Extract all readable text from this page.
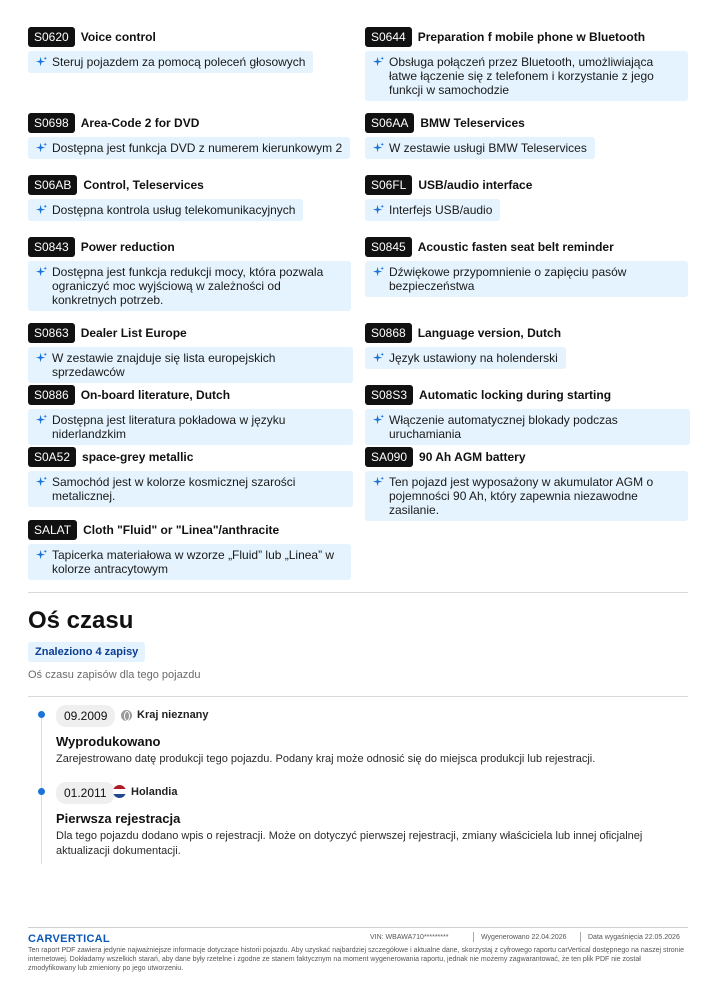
S0620	Voice control
Steruj pojazdem za pomocą poleceń głosowych
S0644	Preparation f mobile phone w Bluetooth
Obsługa połączeń przez Bluetooth, umożliwiająca łatwe łączenie się z telefonem i korzystanie z jego funkcji w samochodzie
S0698	Area-Code 2 for DVD
Dostępna jest funkcja DVD z numerem kierunkowym 2
S06AA	BMW Teleservices
W zestawie usługi BMW Teleservices
S06AB	Control, Teleservices
Dostępna kontrola usług telekomunikacyjnych
S06FL	USB/audio interface
Interfejs USB/audio
S0843	Power reduction
Dostępna jest funkcja redukcji mocy, która pozwala ograniczyć moc wyjściową w zależności od konkretnych potrzeb.
S0845	Acoustic fasten seat belt reminder
Dźwiękowe przypomnienie o zapięciu pasów bezpieczeństwa
S0863	Dealer List Europe
W zestawie znajduje się lista europejskich sprzedawców
S0868	Language version, Dutch
Język ustawiony na holenderski
S0886	On-board literature, Dutch
Dostępna jest literatura pokładowa w języku niderlandzkim
S08S3	Automatic locking during starting
Włączenie automatycznej blokady podczas uruchamiania
S0A52	space-grey metallic
Samochód jest w kolorze kosmicznej szarości metalicznej.
SA090	90 Ah AGM battery
Ten pojazd jest wyposażony w akumulator AGM o pojemności 90 Ah, który zapewnia niezawodne zasilanie.
SALAT	Cloth "Fluid" or "Linea"/anthracite
Tapicerka materiałowa w wzorze „Fluid” lub „Linea” w kolorze antracytowym
Oś czasu
Znaleziono 4 zapisy
Oś czasu zapisów dla tego pojazdu
09.2009	Kraj nieznany
Wyprodukowano
Zarejestrowano datę produkcji tego pojazdu. Podany kraj może odnosić się do miejsca produkcji lub rejestracji.
01.2011	Holandia
Pierwsza rejestracja
Dla tego pojazdu dodano wpis o rejestracji. Może on dotyczyć pierwszej rejestracji, zmiany właściciela lub innej oficjalnej aktualizacji dokumentacji.
CARVERTICAL	VIN: WBAWA710*********	Wygenerowano 22.04.2026	Data wygaśnięcia 22.05.2026
Ten raport PDF zawiera jedynie najważniejsze informacje dotyczące historii pojazdu. Aby uzyskać najbardziej szczegółowe i aktualne dane, skorzystaj z cyfrowego raportu carVertical dostępnego na naszej stronie internetowej. Dokładamy wszelkich starań, aby dane były rzetelne i zgodne ze stanem faktycznym na moment wygenerowania raportu, jednak nie możemy zagwarantować, że ten plik PDF nie został zmodyfikowany lub zmieniony po jego utworzeniu.
